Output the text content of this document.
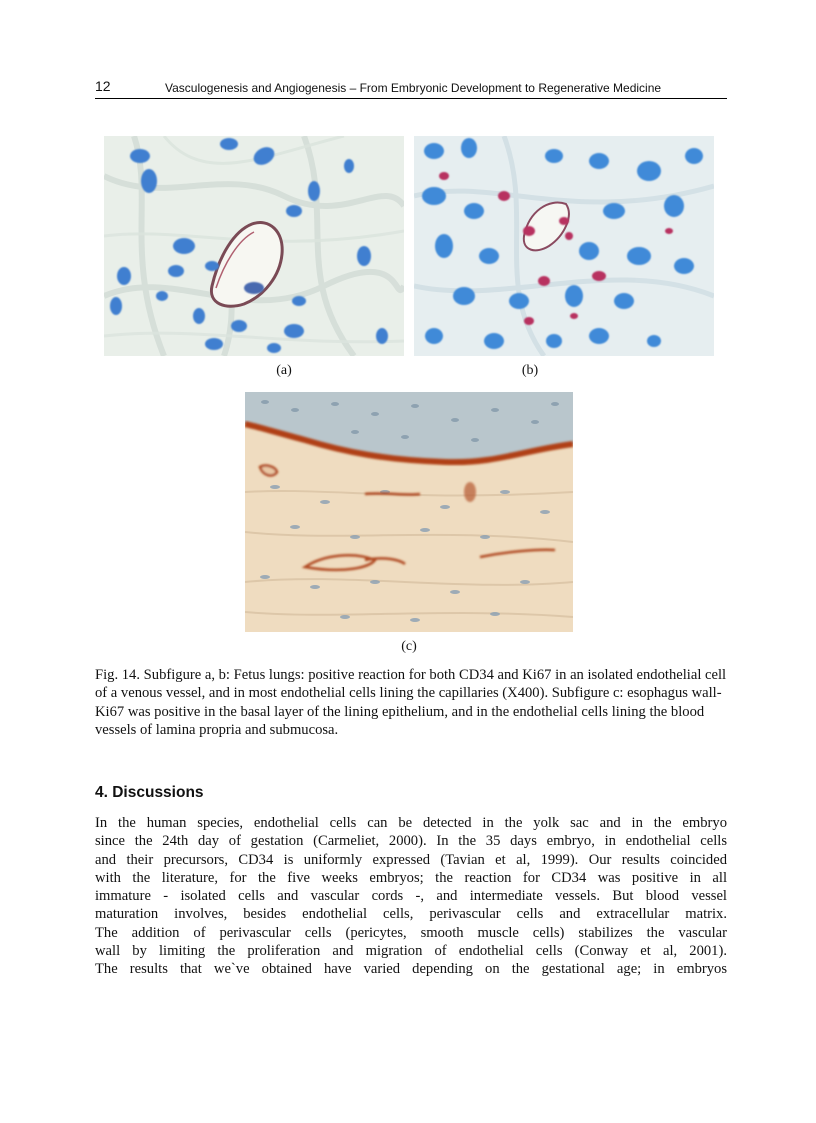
12	Vasculogenesis and Angiogenesis – From Embryonic Development to Regenerative Medicine
(a)	(b)
(c)

Fig. 14. Subfigure a, b: Fetus lungs: positive reaction for both CD34 and Ki67 in an isolated endothelial cell of a venous vessel, and in most endothelial cells lining the capillaries (X400). Subfigure c: esophagus wall- Ki67 was positive in the basal layer of the lining epithelium, and in the endothelial cells lining the blood vessels of lamina propria and submucosa.

4. Discussions
In the human species, endothelial cells can be detected in the yolk sac and in the embryo
since the 24th day of gestation (Carmeliet, 2000). In the 35 days embryo, in endothelial cells
and their precursors, CD34 is uniformly expressed (Tavian et al, 1999). Our results coincided
with the literature, for the five weeks embryos; the reaction for CD34 was positive in all
immature - isolated cells and vascular cords -, and intermediate vessels. But blood vessel
maturation involves, besides endothelial cells, perivascular cells and extracellular matrix.
The addition of perivascular cells (pericytes, smooth muscle cells) stabilizes the vascular
wall by limiting the proliferation and migration of endothelial cells (Conway et al, 2001).
The results that we`ve obtained have varied depending on the gestational age; in embryos
